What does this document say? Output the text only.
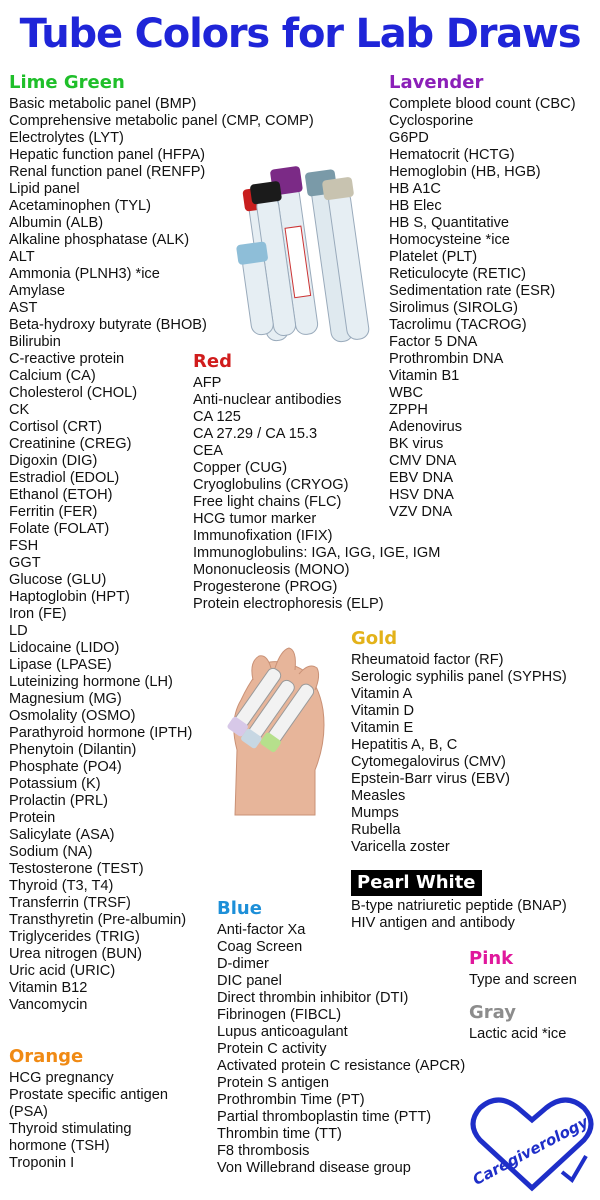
Tube Colors for Lab Draws
Lime Green
Basic metabolic panel (BMP)
Comprehensive metabolic panel (CMP, COMP)
Electrolytes (LYT)
Hepatic function panel (HFPA)
Renal function panel (RENFP)
Lipid panel
Acetaminophen (TYL)
Albumin (ALB)
Alkaline phosphatase (ALK)
ALT
Ammonia (PLNH3) *ice
Amylase
AST
Beta-hydroxy butyrate (BHOB)
Bilirubin
C-reactive protein
Calcium (CA)
Cholesterol (CHOL)
CK
Cortisol (CRT)
Creatinine (CREG)
Digoxin (DIG)
Estradiol (EDOL)
Ethanol (ETOH)
Ferritin (FER)
Folate (FOLAT)
FSH
GGT
Glucose (GLU)
Haptoglobin (HPT)
Iron (FE)
LD
Lidocaine (LIDO)
Lipase (LPASE)
Luteinizing hormone (LH)
Magnesium (MG)
Osmolality (OSMO)
Parathyroid hormone (IPTH)
Phenytoin (Dilantin)
Phosphate (PO4)
Potassium (K)
Prolactin (PRL)
Protein
Salicylate (ASA)
Sodium (NA)
Testosterone (TEST)
Thyroid (T3, T4)
Transferrin (TRSF)
Transthyretin (Pre-albumin)
Triglycerides (TRIG)
Urea nitrogen (BUN)
Uric acid (URIC)
Vitamin B12
Vancomycin
Lavender
Complete blood count (CBC)
Cyclosporine
G6PD
Hematocrit (HCTG)
Hemoglobin (HB, HGB)
HB A1C
HB Elec
HB S, Quantitative
Homocysteine *ice
Platelet (PLT)
Reticulocyte (RETIC)
Sedimentation rate (ESR)
Sirolimus (SIROLG)
Tacrolimu (TACROG)
Factor 5 DNA
Prothrombin DNA
Vitamin B1
WBC
ZPPH
Adenovirus
BK virus
CMV DNA
EBV DNA
HSV DNA
VZV DNA
Red
AFP
Anti-nuclear antibodies
CA 125
CA 27.29 / CA 15.3
CEA
Copper (CUG)
Cryoglobulins (CRYOG)
Free light chains (FLC)
HCG tumor marker
Immunofixation (IFIX)
Immunoglobulins: IGA, IGG, IGE, IGM
Mononucleosis (MONO)
Progesterone (PROG)
Protein electrophoresis (ELP)
Gold
Rheumatoid factor (RF)
Serologic syphilis panel (SYPHS)
Vitamin A
Vitamin D
Vitamin E
Hepatitis A, B, C
Cytomegalovirus (CMV)
Epstein-Barr virus (EBV)
Measles
Mumps
Rubella
Varicella zoster
Pearl White
B-type natriuretic peptide (BNAP)
HIV antigen and antibody
Blue
Anti-factor Xa
Coag Screen
D-dimer
DIC panel
Direct thrombin inhibitor (DTI)
Fibrinogen (FIBCL)
Lupus anticoagulant
Protein C activity
Activated protein C resistance (APCR)
Protein S antigen
Prothrombin Time (PT)
Partial thromboplastin time (PTT)
Thrombin time (TT)
F8 thrombosis
Von Willebrand disease group
Orange
HCG pregnancy
Prostate specific antigen (PSA)
Thyroid stimulating hormone (TSH)
Troponin I
Pink
Type and screen
Gray
Lactic acid *ice
Caregiverology
